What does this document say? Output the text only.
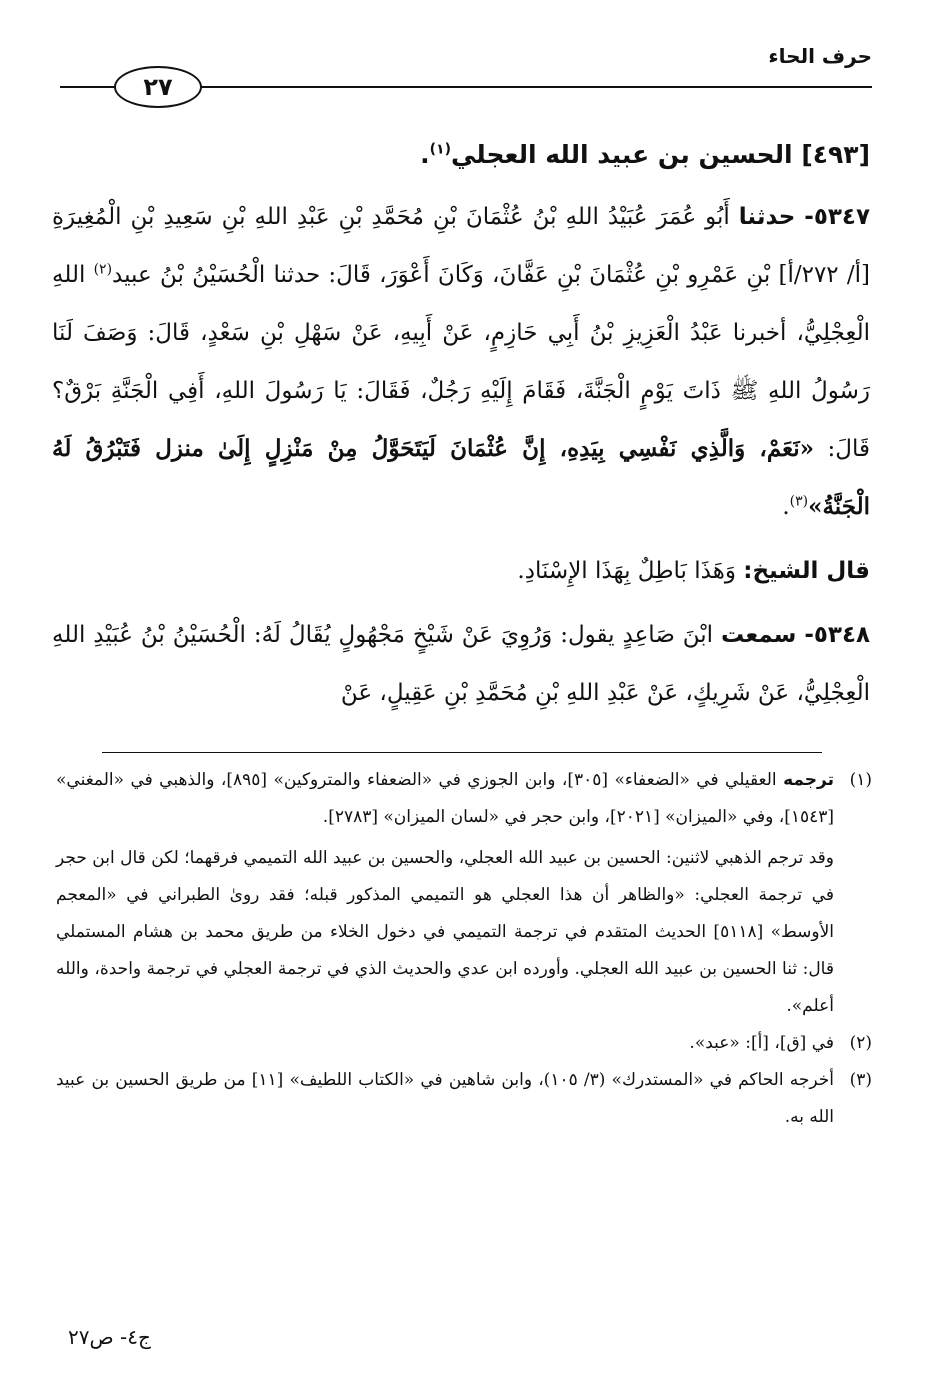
حرف الحاء
٢٧
[٤٩٣] الحسين بن عبيد الله العجلي$^{(١)}$.

٥٣٤٧- حدثنا أَبُو عُمَرَ عُبَيْدُ اللهِ بْنُ عُثْمَانَ بْنِ مُحَمَّدِ بْنِ عَبْدِ اللهِ بْنِ سَعِيدِ بْنِ الْمُغِيرَةِ [أ/ ٢٧٢/أ] بْنِ عَمْرِو بْنِ عُثْمَانَ بْنِ عَفَّانَ، وَكَانَ أَعْوَرَ، قَالَ: حدثنا الْحُسَيْنُ بْنُ عبيد$^{(٢)}$ اللهِ الْعِجْلِيُّ، أخبرنا عَبْدُ الْعَزِيزِ بْنُ أَبِي حَازِمٍ، عَنْ أَبِيهِ، عَنْ سَهْلِ بْنِ سَعْدٍ، قَالَ: وَصَفَ لَنَا رَسُولُ اللهِ ﷺ ذَاتَ يَوْمٍ الْجَنَّةَ، فَقَامَ إِلَيْهِ رَجُلٌ، فَقَالَ: يَا رَسُولَ اللهِ، أَفِي الْجَنَّةِ بَرْقٌ؟ قَالَ: «نَعَمْ، وَالَّذِي نَفْسِي بِيَدِهِ، إِنَّ عُثْمَانَ لَيَتَحَوَّلُ مِنْ مَنْزِلٍ إِلَىٰ منزل فَتَبْرُقُ لَهُ الْجَنَّةُ»$^{(٣)}$.

قال الشيخ: وَهَذَا بَاطِلٌ بِهَذَا الإِسْنَادِ.

٥٣٤٨- سمعت ابْنَ صَاعِدٍ يقول: وَرُوِيَ عَنْ شَيْخٍ مَجْهُولٍ يُقَالُ لَهُ: الْحُسَيْنُ بْنُ عُبَيْدِ اللهِ الْعِجْلِيُّ، عَنْ شَرِيكٍ، عَنْ عَبْدِ اللهِ بْنِ مُحَمَّدِ بْنِ عَقِيلٍ، عَنْ

(١)

ترجمه العقيلي في «الضعفاء» [٣٠٥]، وابن الجوزي في «الضعفاء والمتروكين» [٨٩٥]، والذهبي في «المغني» [١٥٤٣]، وفي «الميزان» [٢٠٢١]، وابن حجر في «لسان الميزان» [٢٧٨٣].

وقد ترجم الذهبي لاثنين: الحسين بن عبيد الله العجلي، والحسين بن عبيد الله التميمي فرقهما؛ لكن قال ابن حجر في ترجمة العجلي: «والظاهر أن هذا العجلي هو التميمي المذكور قبله؛ فقد روىٰ الطبراني في «المعجم الأوسط» [٥١١٨] الحديث المتقدم في ترجمة التميمي في دخول الخلاء من طريق محمد بن هشام المستملي قال: ثنا الحسين بن عبيد الله العجلي. وأورده ابن عدي والحديث الذي في ترجمة العجلي في ترجمة واحدة، والله أعلم».

(٢)

في [ق]، [أ]: «عبد».

(٣)

أخرجه الحاكم في «المستدرك» (٣/ ١٠٥)، وابن شاهين في «الكتاب اللطيف» [١١] من طريق الحسين بن عبيد الله به.

ج٤- ص٢٧
